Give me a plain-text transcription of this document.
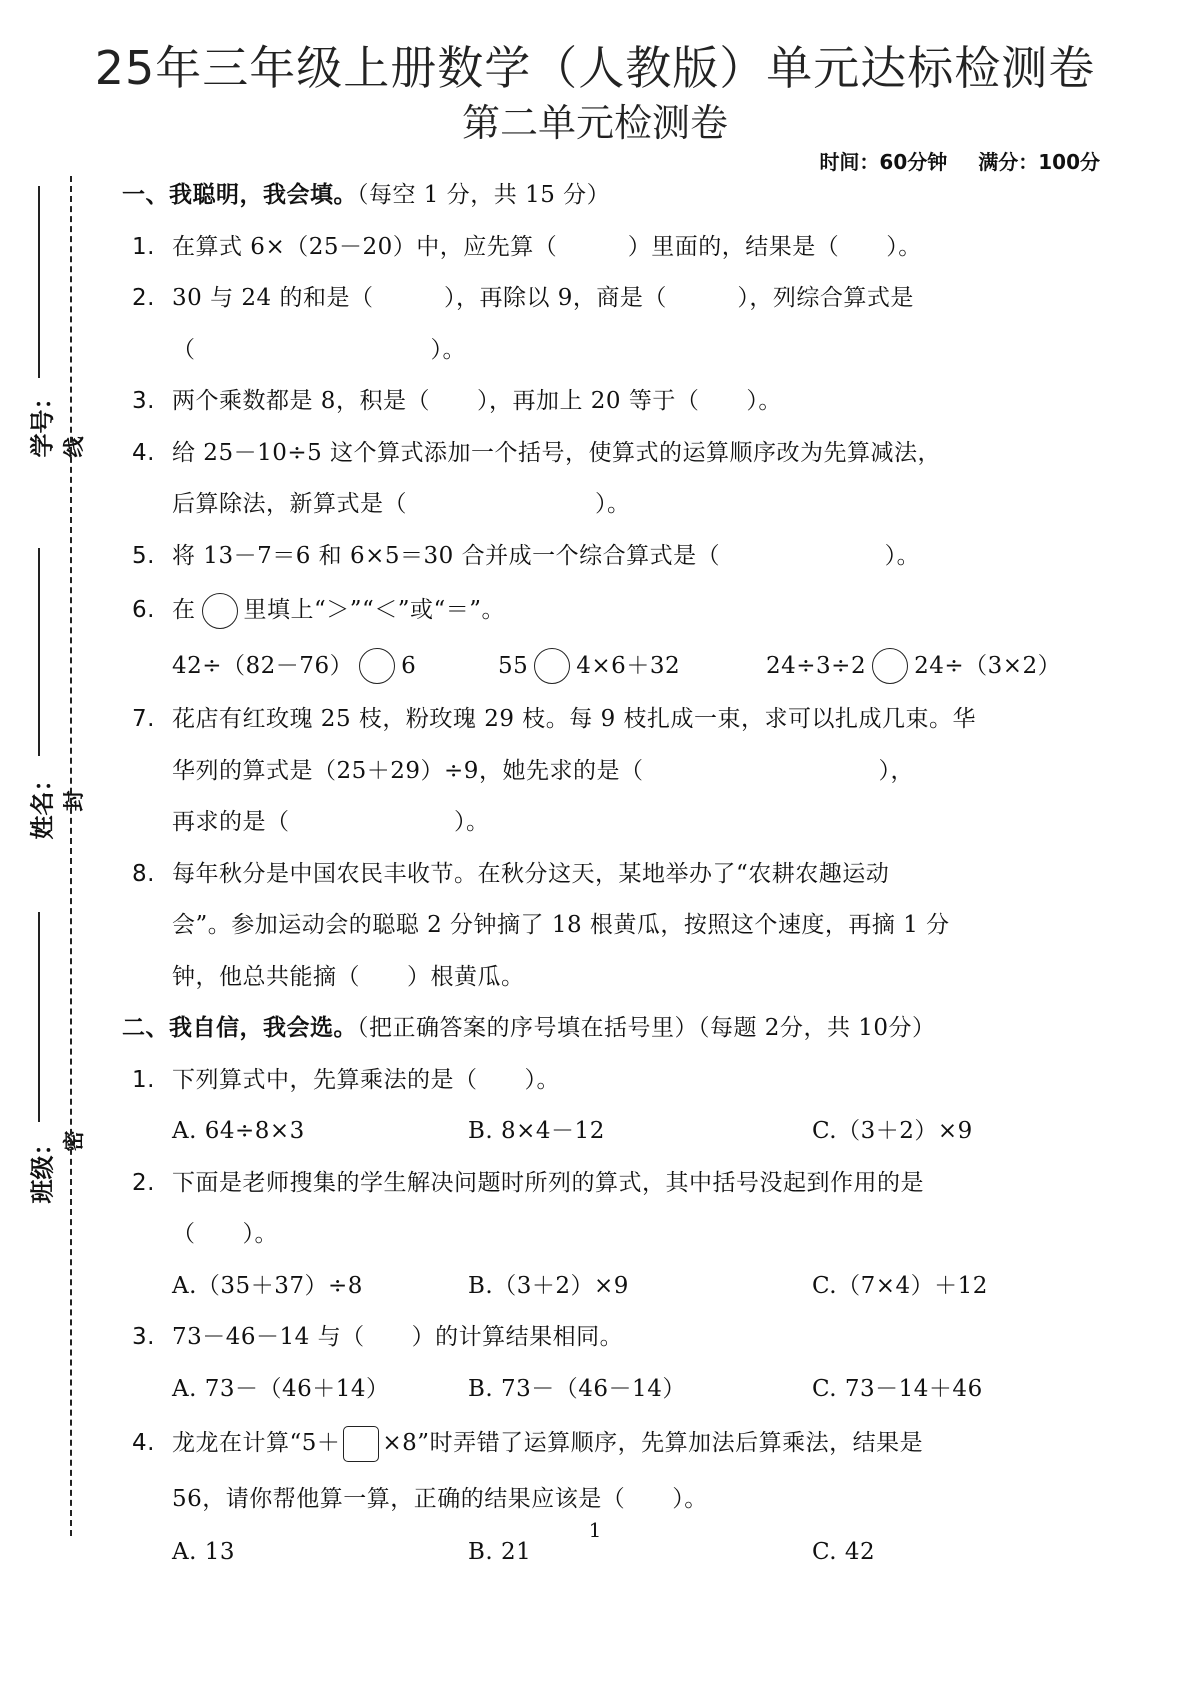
25年三年级上册数学（人教版）单元达标检测卷
第二单元检测卷
时间：60分钟 满分：100分
学号：
姓名：
班级：
线
封
密
一、我聪明，我会填。（每空 1 分，共 15 分）
1. 在算式 6×（25－20）中，应先算（　　　）里面的，结果是（　　）。
2. 30 与 24 的和是（　　　），再除以 9，商是（　　　），列综合算式是
（　　　　　　　　　　）。
3. 两个乘数都是 8，积是（　　），再加上 20 等于（　　）。
4. 给 25－10÷5 这个算式添加一个括号，使算式的运算顺序改为先算减法，
后算除法，新算式是（　　　　　　　　）。
5. 将 13－7＝6 和 6×5＝30 合并成一个综合算式是（　　　　　　　）。
6. 在 里填上“＞”“＜”或“＝”。
42÷（82－76） 6	55 4×6＋32	24÷3÷2 24÷（3×2）
7. 花店有红玫瑰 25 枝，粉玫瑰 29 枝。每 9 枝扎成一束，求可以扎成几束。华
华列的算式是（25＋29）÷9，她先求的是（　　　　　　　　　　），
再求的是（　　　　　　　）。
8. 每年秋分是中国农民丰收节。在秋分这天，某地举办了“农耕农趣运动
会”。参加运动会的聪聪 2 分钟摘了 18 根黄瓜，按照这个速度，再摘 1 分
钟，他总共能摘（　　）根黄瓜。
二、我自信，我会选。（把正确答案的序号填在括号里）（每题 2分，共 10分）
1. 下列算式中，先算乘法的是（　　）。
A. 64÷8×3	B. 8×4－12	C.（3＋2）×9
2. 下面是老师搜集的学生解决问题时所列的算式，其中括号没起到作用的是
（　　）。
A.（35＋37）÷8	B.（3＋2）×9	C.（7×4）＋12
3. 73－46－14 与（　　）的计算结果相同。
A. 73－（46＋14）	B. 73－（46－14）	C. 73－14＋46
4. 龙龙在计算“5＋ ×8”时弄错了运算顺序，先算加法后算乘法，结果是
56，请你帮他算一算，正确的结果应该是（　　）。
A. 13	B. 21	C. 42
1
